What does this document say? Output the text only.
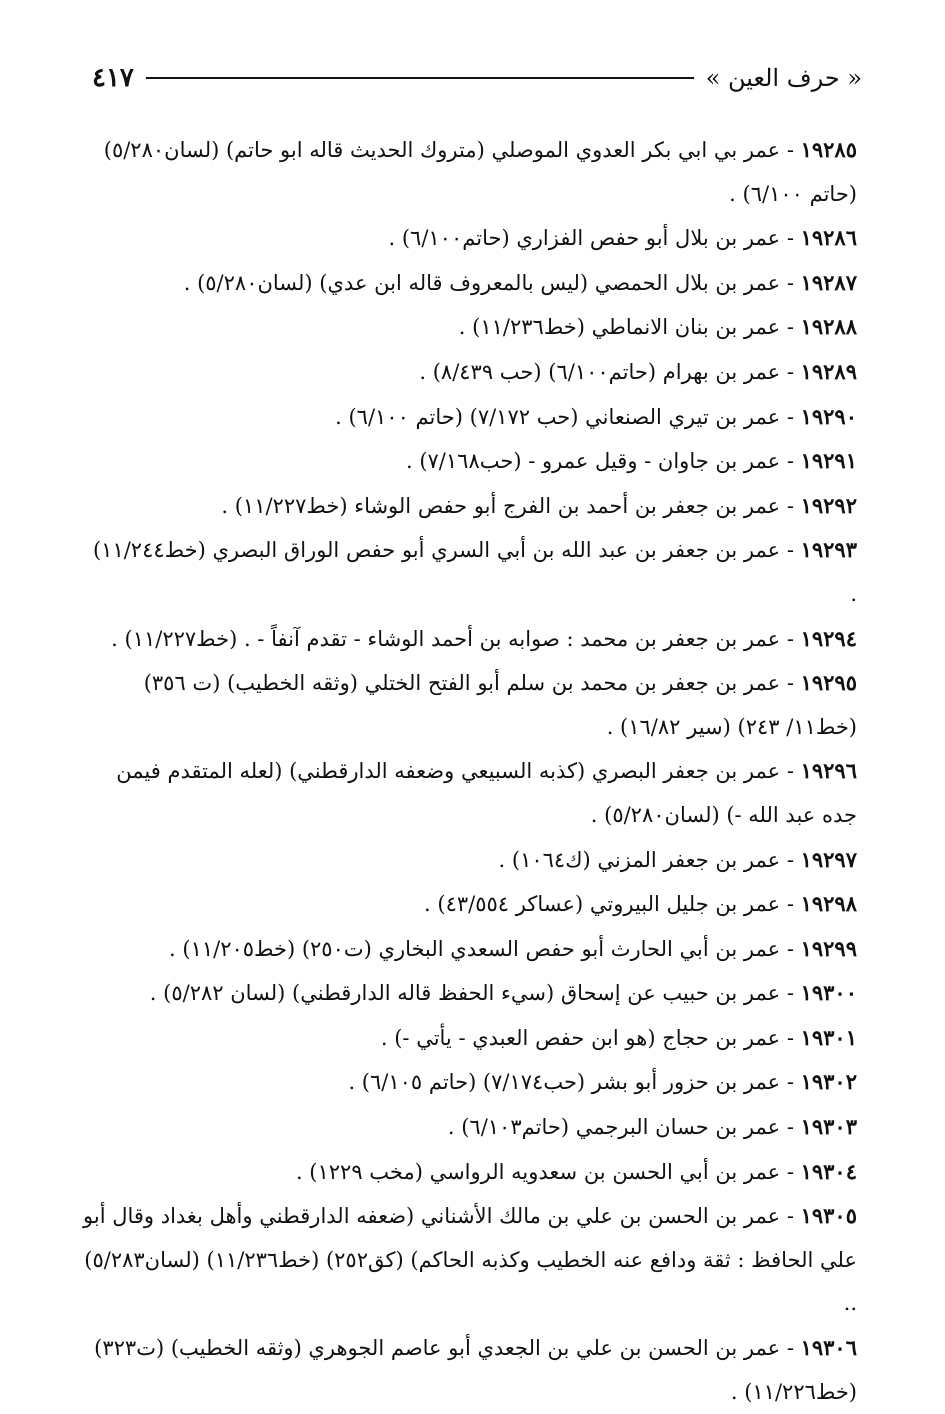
« حرف العين »
٤١٧

١٩٢٨٥ - عمر بي ابي بكر العدوي الموصلي (متروك الحديث قاله ابو حاتم) (لسان٥/٢٨٠) (حاتم ٦/١٠٠) .

١٩٢٨٦ - عمر بن بلال أبو حفص الفزاري (حاتم٦/١٠٠) .

١٩٢٨٧ - عمر بن بلال الحمصي (ليس بالمعروف قاله ابن عدي) (لسان٥/٢٨٠) .

١٩٢٨٨ - عمر بن بنان الانماطي (خط١١/٢٣٦) .

١٩٢٨٩ - عمر بن بهرام (حاتم٦/١٠٠) (حب ٨/٤٣٩) .

١٩٢٩٠ - عمر بن تيري الصنعاني (حب ٧/١٧٢) (حاتم ٦/١٠٠) .

١٩٢٩١ - عمر بن جاوان - وقيل عمرو - (حب٧/١٦٨) .

١٩٢٩٢ - عمر بن جعفر بن أحمد بن الفرج أبو حفص الوشاء (خط١١/٢٢٧) .

١٩٢٩٣ - عمر بن جعفر بن عبد الله بن أبي السري أبو حفص الوراق البصري (خط١١/٢٤٤) .

١٩٢٩٤ - عمر بن جعفر بن محمد : صوابه بن أحمد الوشاء - تقدم آنفاً - . (خط١١/٢٢٧) .

١٩٢٩٥ - عمر بن جعفر بن محمد بن سلم أبو الفتح الختلي (وثقه الخطيب) (ت ٣٥٦) (خط١١/ ٢٤٣) (سير ١٦/٨٢) .

١٩٢٩٦ - عمر بن جعفر البصري (كذبه السبيعي وضعفه الدارقطني) (لعله المتقدم فيمن جده عبد الله -) (لسان٥/٢٨٠) .

١٩٢٩٧ - عمر بن جعفر المزني (ك١٠٦٤) .

١٩٢٩٨ - عمر بن جليل البيروتي (عساكر ٤٣/٥٥٤) .

١٩٢٩٩ - عمر بن أبي الحارث أبو حفص السعدي البخاري (ت٢٥٠) (خط١١/٢٠٥) .

١٩٣٠٠ - عمر بن حبيب عن إسحاق (سيء الحفظ قاله الدارقطني) (لسان ٥/٢٨٢) .

١٩٣٠١ - عمر بن حجاج (هو ابن حفص العبدي - يأتي -) .

١٩٣٠٢ - عمر بن حزور أبو بشر (حب٧/١٧٤) (حاتم ٦/١٠٥) .

١٩٣٠٣ - عمر بن حسان البرجمي (حاتم٦/١٠٣) .

١٩٣٠٤ - عمر بن أبي الحسن بن سعدويه الرواسي (مخب ١٢٢٩) .

١٩٣٠٥ - عمر بن الحسن بن علي بن مالك الأشناني (ضعفه الدارقطني وأهل بغداد وقال أبو علي الحافظ : ثقة ودافع عنه الخطيب وكذبه الحاكم) (كق٢٥٢) (خط١١/٢٣٦) (لسان٥/٢٨٣) ..

١٩٣٠٦ - عمر بن الحسن بن علي بن الجعدي أبو عاصم الجوهري (وثقه الخطيب) (ت٣٢٣) (خط١١/٢٢٦) .
